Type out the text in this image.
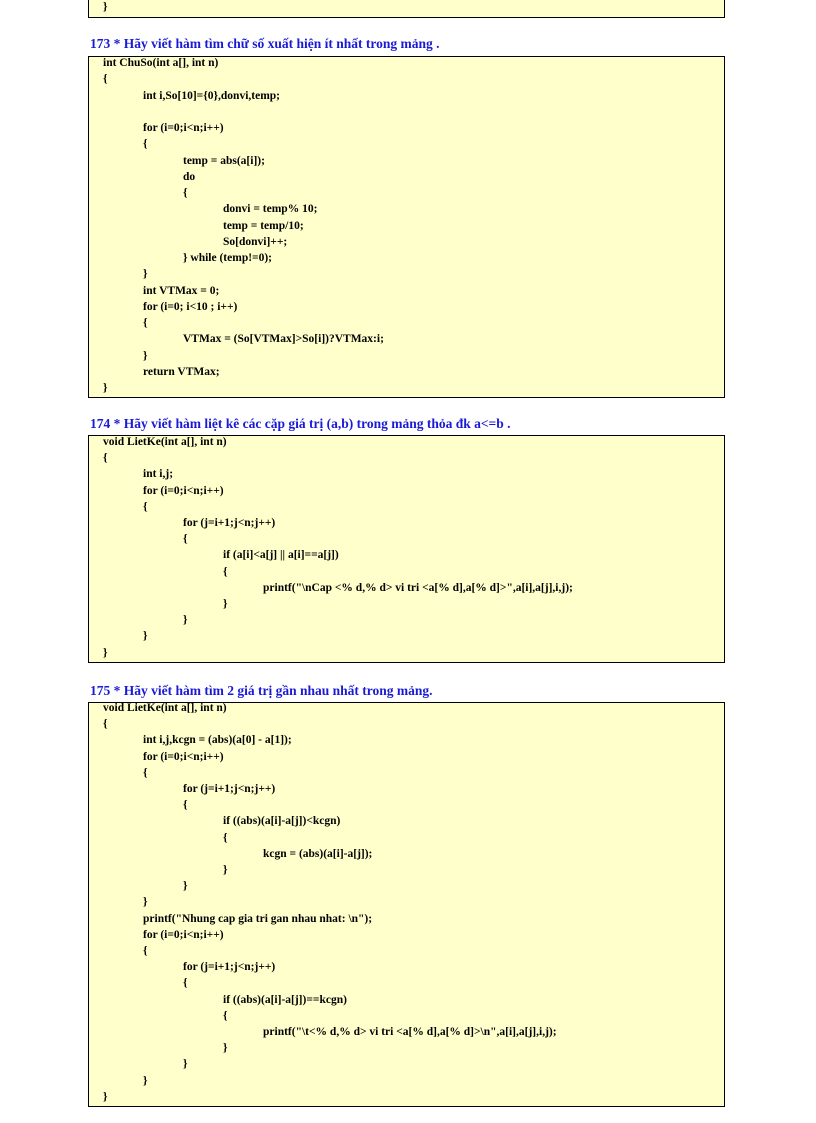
}
173 * Hãy viết hàm tìm chữ số xuất hiện ít nhất trong mảng .
int ChuSo(int a[], int n)
{
int i,So[10]={0},donvi,temp;
for (i=0;i<n;i++)
{
temp = abs(a[i]);
do
{
donvi = temp% 10;
temp = temp/10;
So[donvi]++;
} while (temp!=0);
}
int VTMax = 0;
for (i=0; i<10 ; i++)
{
VTMax = (So[VTMax]>So[i])?VTMax:i;
}
return VTMax;
}
174 * Hãy viết hàm liệt kê các cặp giá trị (a,b) trong mảng thỏa đk a<=b .
void LietKe(int a[], int n)
{
int i,j;
for (i=0;i<n;i++)
{
for (j=i+1;j<n;j++)
{
if (a[i]<a[j] || a[i]==a[j])
{
printf("\nCap <% d,% d> vi tri <a[% d],a[% d]>",a[i],a[j],i,j);
}
}
}
}
175 * Hãy viết hàm tìm 2 giá trị gần nhau nhất trong mảng.
void LietKe(int a[], int n)
{
int i,j,kcgn = (abs)(a[0] - a[1]);
for (i=0;i<n;i++)
{
for (j=i+1;j<n;j++)
{
if ((abs)(a[i]-a[j])<kcgn)
{
kcgn = (abs)(a[i]-a[j]);
}
}
}
printf("Nhung cap gia tri gan nhau nhat: \n");
for (i=0;i<n;i++)
{
for (j=i+1;j<n;j++)
{
if ((abs)(a[i]-a[j])==kcgn)
{
printf("\t<% d,% d> vi tri <a[% d],a[% d]>\n",a[i],a[j],i,j);
}
}
}
}
